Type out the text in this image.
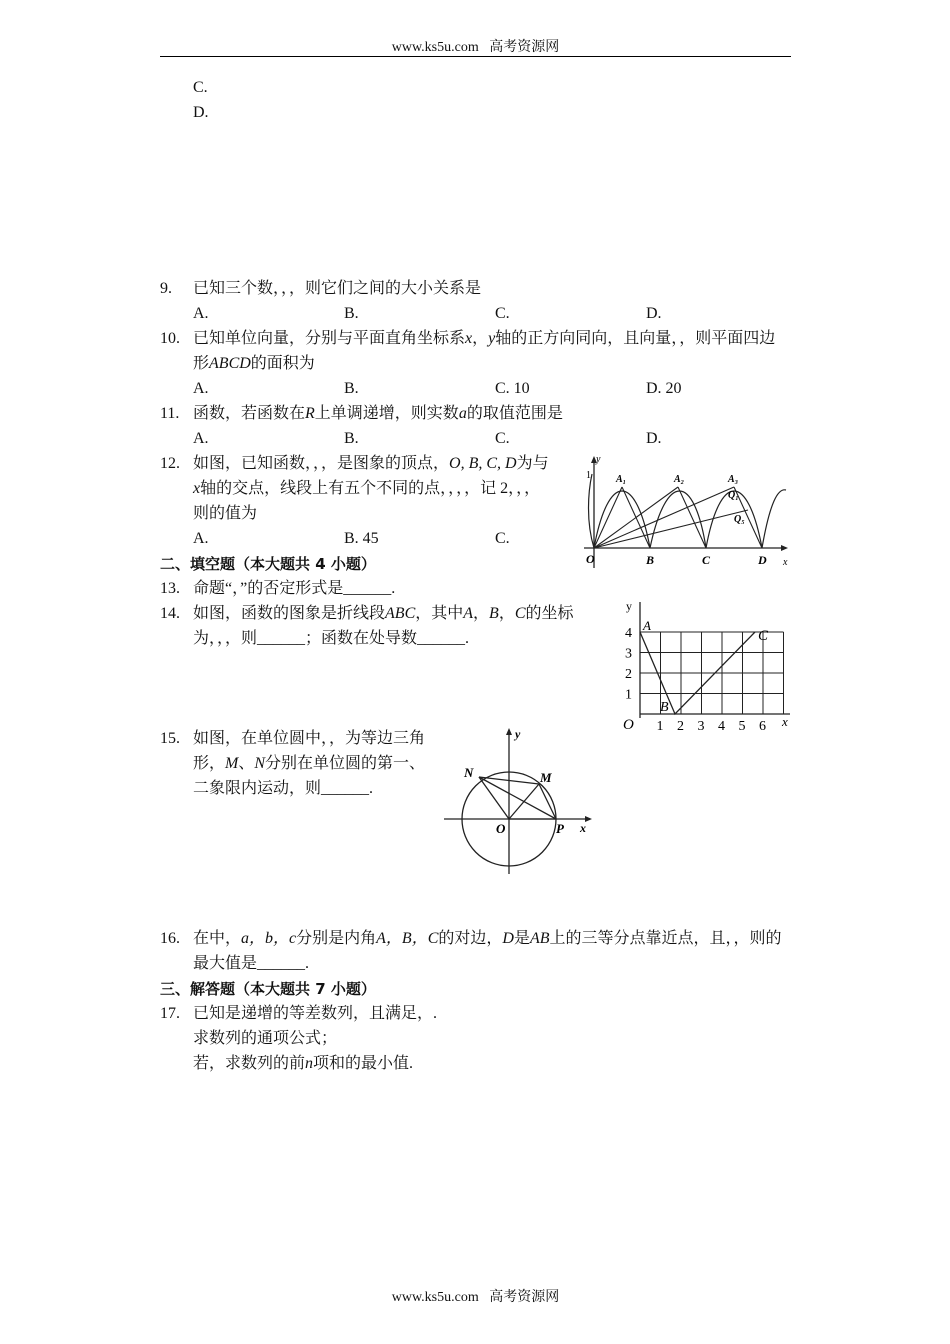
www.ks5u.com 高考资源网
C.
D.
9. 已知三个数，，，则它们之间的大小关系是
A.	B.	C.	D.
10. 已知单位向量，分别与平面直角坐标系x，y轴的正方向同向，且向量，，则平面四边
形ABCD的面积为
A.	B.	C. 10	D. 20
11. 函数，若函数在R上单调递增，则实数a的取值范围是
A.	B.	C.	D.
12. 如图，已知函数，，，是图象的顶点，O, B, C, D为与
x轴的交点，线段上有五个不同的点，，，，记 2，，，
则的值为
A.	B. 45	C.
y
1
x
O	B	C	D
A₁	A₂	A₃
Q₁
Q₅
二、填空题（本大题共 4 小题）
13. 命题“，”的否定形式是______.
14. 如图，函数的图象是折线段ABC，其中A，B，C的坐标
为，，，则______；函数在处导数______.
y
x
O
A
B
C
4
3
2
1
1 2 3 4 5 6
15. 如图，在单位圆中，，为等边三角
形，M、N分别在单位圆的第一、
二象限内运动，则______.
y
x
O	P
N	M
16. 在中，a，b，c分别是内角A，B，C的对边，D是AB上的三等分点靠近点，且，，则的
最大值是______.
三、解答题（本大题共 7 小题）
17. 已知是递增的等差数列，且满足，.
求数列的通项公式；
若，求数列的前n项和的最小值.
www.ks5u.com 高考资源网
